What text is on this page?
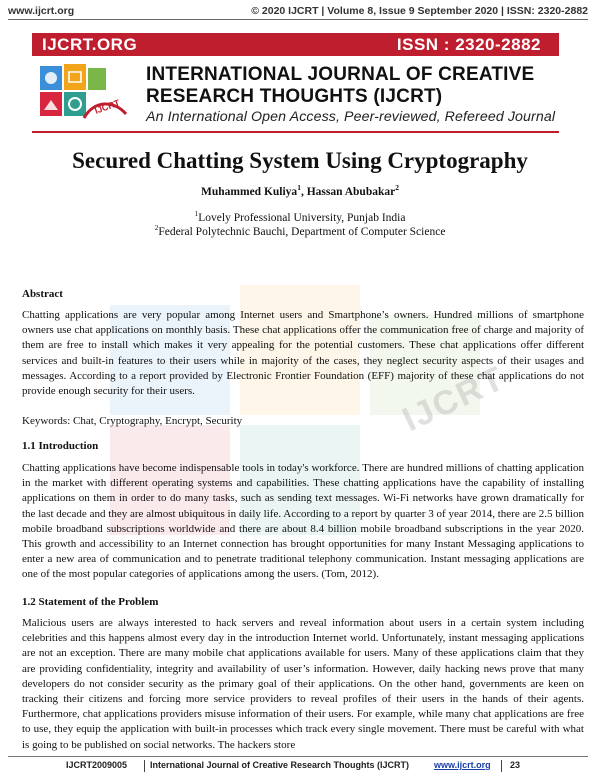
www.ijcrt.org	© 2020 IJCRT | Volume 8, Issue 9 September 2020 | ISSN: 2320-2882
IJCRT.ORG	ISSN : 2320-2882
IJCRT
INTERNATIONAL JOURNAL OF CREATIVE
RESEARCH THOUGHTS (IJCRT)
An International Open Access, Peer-reviewed, Refereed Journal
IJCRT
Secured Chatting System Using Cryptography
Muhammed Kuliya$^1$, Hassan Abubakar$^2$
$^1$Lovely Professional University, Punjab India
$^2$Federal Polytechnic Bauchi, Department of Computer Science
Abstract

Chatting applications are very popular among Internet users and Smartphone’s owners. Hundred millions of smartphone owners use chat applications on monthly basis. These chat applications offer the communication free of charge and majority of them are free to install which makes it very appealing for the potential customers. These chat applications offer different services and built-in features to their users while in majority of the cases, they neglect security aspects of their usages and messages. According to a report provided by Electronic Frontier Foundation (EFF) majority of these chat applications do not provide enough security for their users.

Keywords: Chat, Cryptography, Encrypt, Security

1.1 Introduction

Chatting applications have become indispensable tools in today's workforce. There are hundred millions of chatting application in the market with different operating systems and capabilities. These chatting applications have the capability of installing applications on them in order to do many tasks, such as sending text messages. Wi-Fi networks have grown dramatically for the last decade and they are almost ubiquitous in daily life. According to a report by quarter 3 of year 2014, there are 2.5 billion mobile broadband subscriptions worldwide and there are about 8.4 billion mobile broadband subscriptions in the year 2020. This growth and accessibility to an Internet connection has brought opportunities for many Instant Messaging applications to enter a new area of communication and to penetrate traditional telephony communication. Instant messaging applications are one of the most popular categories of applications among the users. (Tom, 2012).

1.2 Statement of the Problem

Malicious users are always interested to hack servers and reveal information about users in a certain system including celebrities and this happens almost every day in the introduction Internet world. Unfortunately, instant messaging applications are not an exception. There are many mobile chat applications available for users. Many of these applications claim that they are providing confidentiality, integrity and availability of user’s information. However, daily hacking news prove that many developers do not consider security as the primary goal of their applications. On the other hand, governments are keen on tracking their citizens and forcing more service providers to reveal profiles of their users in the hands of their agents. Furthermore, chat applications providers misuse information of their users. For example, while many chat applications are free to use, they equip the application with built-in processes which track every single movement. There must be careful with what is going to be published on social networks. The hackers store

IJCRT2009005	International Journal of Creative Research Thoughts (IJCRT)	www.ijcrt.org 23
